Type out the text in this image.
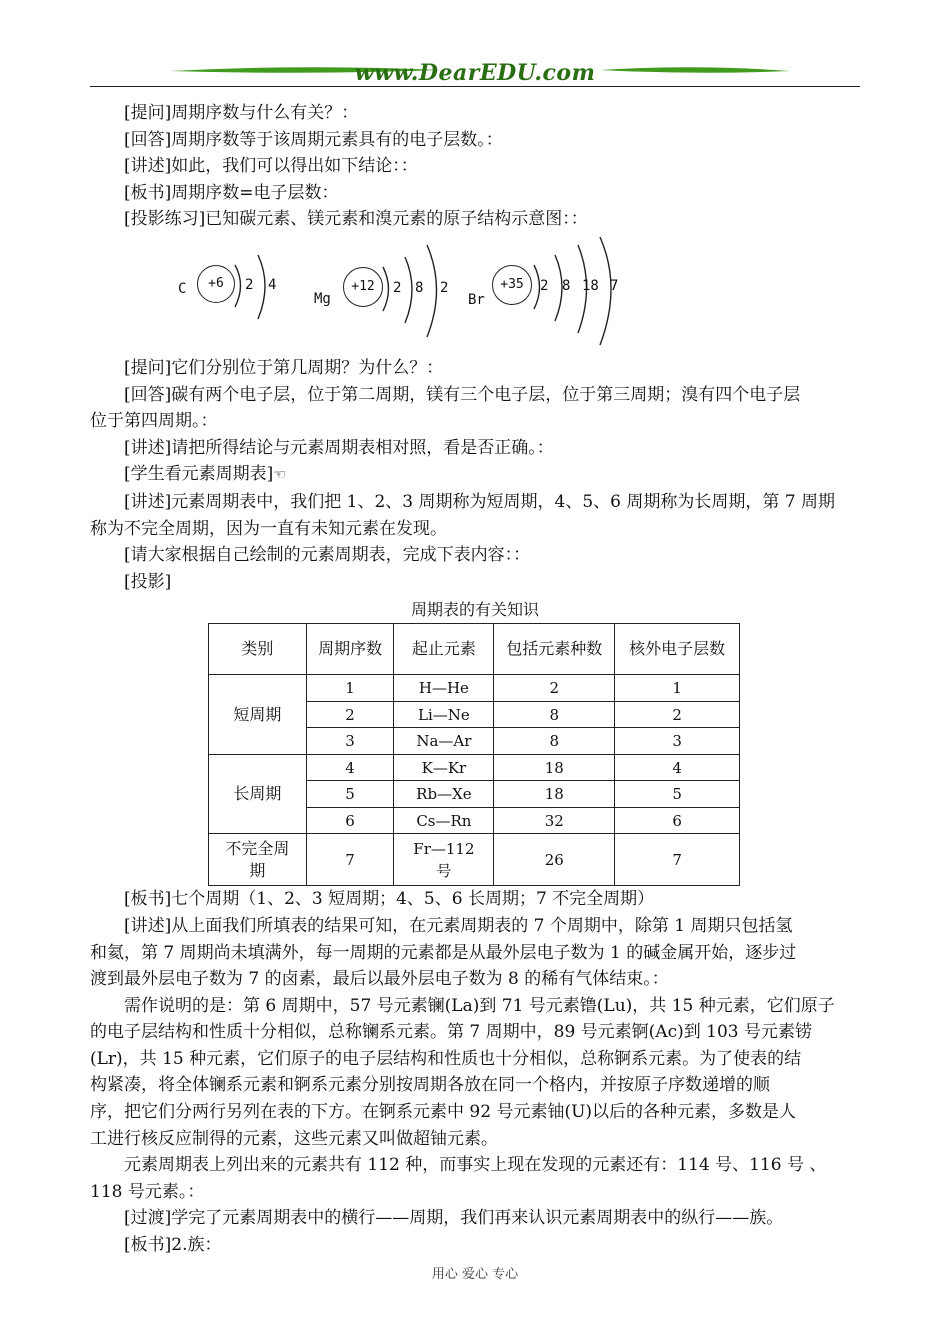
www.DearEDU.com
[提问]周期序数与什么有关？：
[回答]周期序数等于该周期元素具有的电子层数。：
[讲述]如此，我们可以得出如下结论：：
[板书]周期序数=电子层数：
[投影练习]已知碳元素、镁元素和溴元素的原子结构示意图：：
C	+6	2 4
Mg
+12	2 8 2
Br
+35	2 8 18 7
[提问]它们分别位于第几周期？为什么？：
[回答]碳有两个电子层，位于第二周期，镁有三个电子层，位于第三周期；溴有四个电子层
位于第四周期。：
[讲述]请把所得结论与元素周期表相对照，看是否正确。：
[学生看元素周期表]☜
[讲述]元素周期表中，我们把 1、2、3 周期称为短周期，4、5、6 周期称为长周期，第 7 周期
称为不完全周期，因为一直有未知元素在发现。
[请大家根据自己绘制的元素周期表，完成下表内容：：
[投影]
周期表的有关知识
类别	周期序数	起止元素	包括元素种数	核外电子层数
短周期	1	H—He	2	1
	2	Li—Ne	8	2
	3	Na—Ar	8	3
长周期	4	K—Kr	18	4
	5	Rb—Xe	18	5
	6	Cs—Rn	32	6
不完全周期	7	Fr—112号	26	7
[板书]七个周期（1、2、3 短周期；4、5、6 长周期；7 不完全周期）
[讲述]从上面我们所填表的结果可知，在元素周期表的 7 个周期中，除第 1 周期只包括氢
和氦，第 7 周期尚未填满外，每一周期的元素都是从最外层电子数为 1 的碱金属开始，逐步过
渡到最外层电子数为 7 的卤素，最后以最外层电子数为 8 的稀有气体结束。：
需作说明的是：第 6 周期中，57 号元素镧(La)到 71 号元素镥(Lu)，共 15 种元素，它们原子
的电子层结构和性质十分相似，总称镧系元素。第 7 周期中，89 号元素锕(Ac)到 103 号元素铹
(Lr)，共 15 种元素，它们原子的电子层结构和性质也十分相似，总称锕系元素。为了使表的结
构紧凑，将全体镧系元素和锕系元素分别按周期各放在同一个格内，并按原子序数递增的顺
序，把它们分两行另列在表的下方。在锕系元素中 92 号元素铀(U)以后的各种元素，多数是人
工进行核反应制得的元素，这些元素又叫做超铀元素。
元素周期表上列出来的元素共有 112 种，而事实上现在发现的元素还有：114 号、116 号 、
118 号元素。：
[过渡]学完了元素周期表中的横行——周期，我们再来认识元素周期表中的纵行——族。
[板书]2.族：
用心 爱心 专心
